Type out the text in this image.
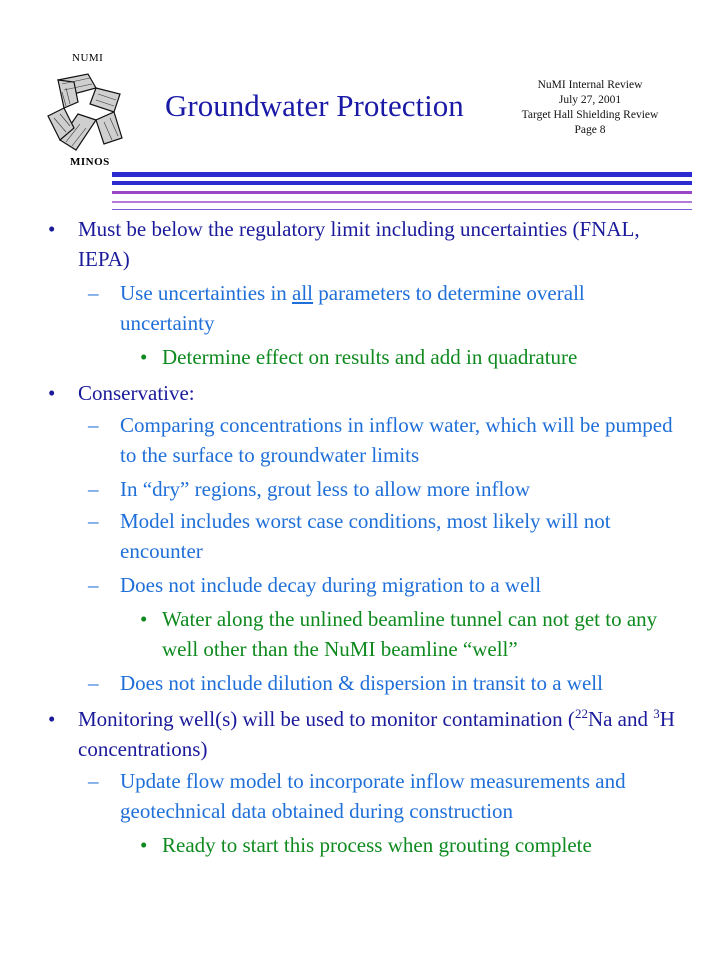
NUMI
MINOS
Groundwater Protection
NuMI Internal Review
July 27, 2001
Target Hall Shielding Review
Page 8
• Must be below the regulatory limit including uncertainties (FNAL, IEPA)
– Use uncertainties in all parameters to determine overall uncertainty
• Determine effect on results and add in quadrature
• Conservative:
– Comparing concentrations in inflow water, which will be pumped to the surface to groundwater limits
– In “dry” regions, grout less to allow more inflow
– Model includes worst case conditions, most likely will not encounter
– Does not include decay during migration to a well
• Water along the unlined beamline tunnel can not get to any well other than the NuMI beamline “well”
– Does not include dilution & dispersion in transit to a well
• Monitoring well(s) will be used to monitor contamination ($^{22}$Na and $^3$H concentrations)
– Update flow model to incorporate inflow measurements and geotechnical data obtained during construction
• Ready to start this process when grouting complete
